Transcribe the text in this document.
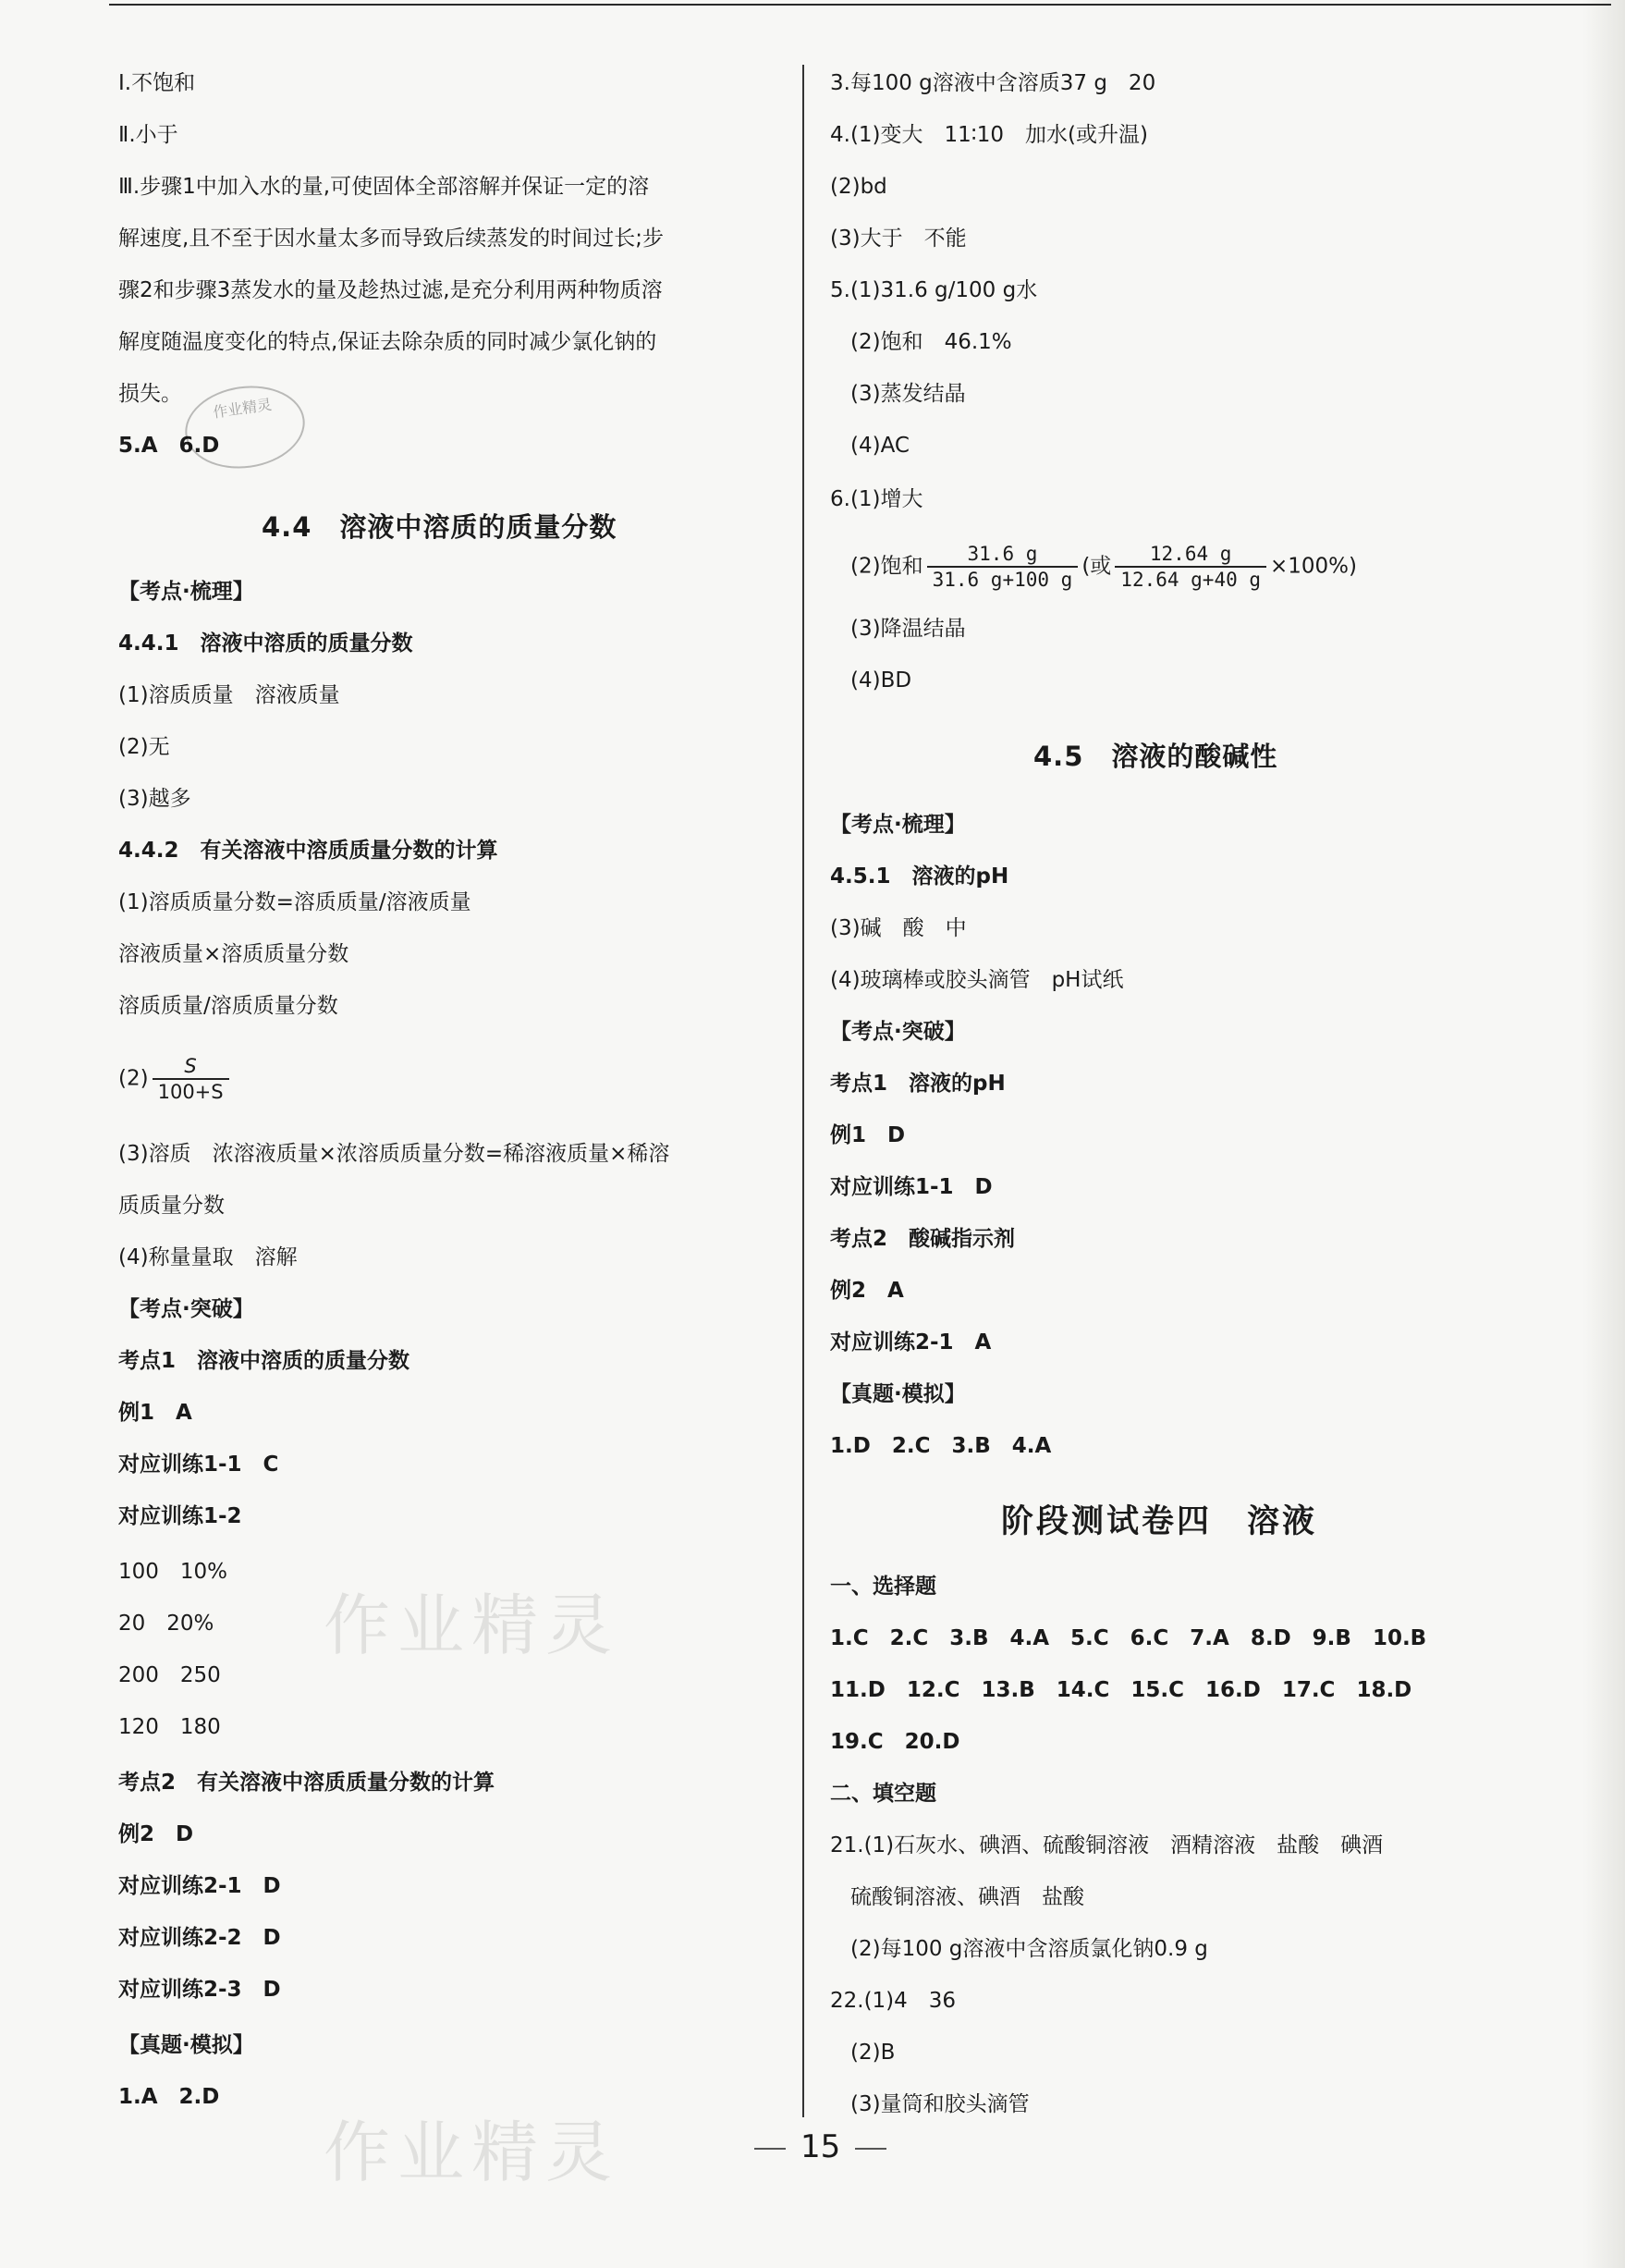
Ⅰ.不饱和
Ⅱ.小于
Ⅲ.步骤1中加入水的量,可使固体全部溶解并保证一定的溶
解速度,且不至于因水量太多而导致后续蒸发的时间过长;步
骤2和步骤3蒸发水的量及趁热过滤,是充分利用两种物质溶
解度随温度变化的特点,保证去除杂质的同时减少氯化钠的
损失。
5.A　6.D
4.4　溶液中溶质的质量分数
【考点·梳理】
4.4.1　溶液中溶质的质量分数
(1)溶质质量　溶液质量
(2)无
(3)越多
4.4.2　有关溶液中溶质质量分数的计算
(1)溶质质量分数=溶质质量/溶液质量
溶液质量×溶质质量分数
溶质质量/溶质质量分数
$(2) \frac{S}{100+S}$
(3)溶质　浓溶液质量×浓溶质质量分数=稀溶液质量×稀溶
质质量分数
(4)称量量取　溶解
【考点·突破】
考点1　溶液中溶质的质量分数
例1　A
对应训练1-1　C
对应训练1-2
100　10%
20　20%
200　250
120　180
考点2　有关溶液中溶质质量分数的计算
例2　D
对应训练2-1　D
对应训练2-2　D
对应训练2-3　D
【真题·模拟】
1.A　2.D
作业精灵
作业精灵
作业精灵
3.每100 g溶液中含溶质37 g　20
4.(1)变大　11∶10　加水(或升温)
(2)bd
(3)大于　不能
5.(1)31.6 g/100 g水
(2)饱和　46.1%
(3)蒸发结晶
(4)AC
6.(1)增大
(2)饱和 $\frac{31.6 g}{31.6 g+100 g}$ (或 $\frac{12.64 g}{12.64 g+40 g} \times 100\%$)
(3)降温结晶
(4)BD
4.5　溶液的酸碱性
【考点·梳理】
4.5.1　溶液的pH
(3)碱　酸　中
(4)玻璃棒或胶头滴管　pH试纸
【考点·突破】
考点1　溶液的pH
例1　D
对应训练1-1　D
考点2　酸碱指示剂
例2　A
对应训练2-1　A
【真题·模拟】
1.D　2.C　3.B　4.A
阶段测试卷四　溶液
一、选择题
1.C　2.C　3.B　4.A　5.C　6.C　7.A　8.D　9.B　10.B
11.D　12.C　13.B　14.C　15.C　16.D　17.C　18.D
19.C　20.D
二、填空题
21.(1)石灰水、碘酒、硫酸铜溶液　酒精溶液　盐酸　碘酒
硫酸铜溶液、碘酒　盐酸
(2)每100 g溶液中含溶质氯化钠0.9 g
22.(1)4　36
(2)B
(3)量筒和胶头滴管
15
